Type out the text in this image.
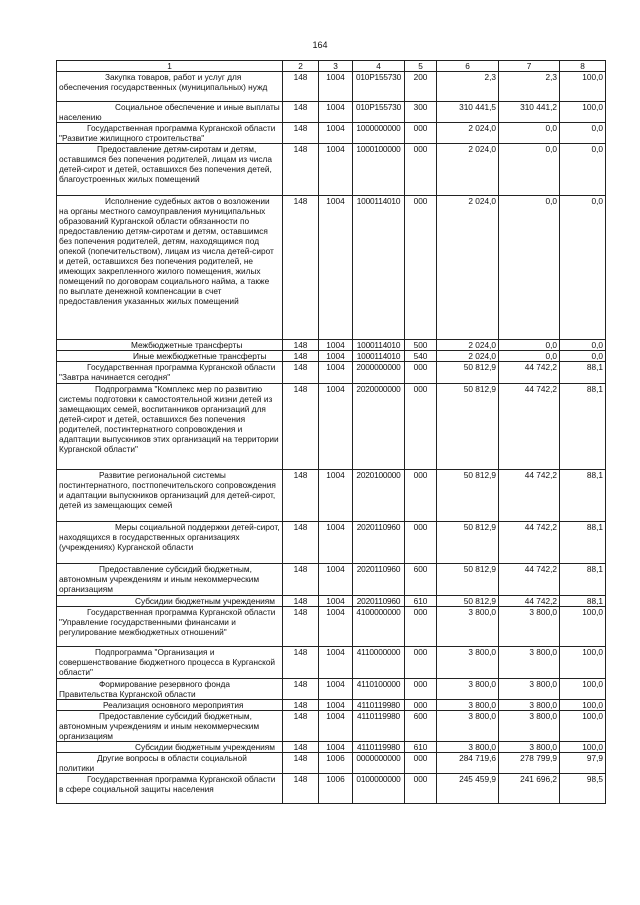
164
1	2	3	4	5	6	7	8

Закупка товаров, работ и услуг для обеспечения государственных (муниципальных) нужд	148	1004	010Р155730	200	2,3	2,3	100,0

Социальное обеспечение и иные выплаты населению	148	1004	010Р155730	300	310 441,5	310 441,2	100,0

Государственная программа Курганской области "Развитие жилищного строительства"	148	1004	1000000000	000	2 024,0	0,0	0,0

Предоставление детям-сиротам и детям, оставшимся без попечения родителей, лицам из числа детей-сирот и детей, оставшихся без попечения детей, благоустроенных жилых помещений	148	1004	1000100000	000	2 024,0	0,0	0,0

Исполнение судебных актов о возложении на органы местного самоуправления муниципальных образований Курганской области обязанности по предоставлению детям-сиротам и детям, оставшимся без попечения родителей, детям, находящимся под опекой (попечительством), лицам из числа детей-сирот и детей, оставшихся без попечения родителей, не имеющих закрепленного жилого помещения, жилых помещений по договорам социального найма, а также по выплате денежной компенсации в счет предоставления указанных жилых помещений	148	1004	1000114010	000	2 024,0	0,0	0,0

Межбюджетные трансферты	148	1004	1000114010	500	2 024,0	0,0	0,0

Иные межбюджетные трансферты	148	1004	1000114010	540	2 024,0	0,0	0,0

Государственная программа Курганской области "Завтра начинается сегодня"	148	1004	2000000000	000	50 812,9	44 742,2	88,1

Подпрограмма "Комплекс мер по развитию системы подготовки к самостоятельной жизни детей из замещающих семей, воспитанников организаций для детей-сирот и детей, оставшихся без попечения родителей, постинтернатного сопровождения и адаптации выпускников этих организаций на территории Курганской области"	148	1004	2020000000	000	50 812,9	44 742,2	88,1

Развитие региональной системы постинтернатного, постпопечительского сопровождения и адаптации выпускников организаций для детей-сирот, детей из замещающих семей	148	1004	2020100000	000	50 812,9	44 742,2	88,1

Меры социальной поддержки детей-сирот, находящихся в государственных организациях (учреждениях) Курганской области	148	1004	2020110960	000	50 812,9	44 742,2	88,1

Предоставление субсидий бюджетным, автономным учреждениям и иным некоммерческим организациям	148	1004	2020110960	600	50 812,9	44 742,2	88,1

Субсидии бюджетным учреждениям	148	1004	2020110960	610	50 812,9	44 742,2	88,1

Государственная программа Курганской области "Управление государственными финансами и регулирование межбюджетных отношений"	148	1004	4100000000	000	3 800,0	3 800,0	100,0

Подпрограмма "Организация и совершенствование бюджетного процесса в Курганской области"	148	1004	4110000000	000	3 800,0	3 800,0	100,0

Формирование резервного фонда Правительства Курганской области	148	1004	4110100000	000	3 800,0	3 800,0	100,0

Реализация основного мероприятия	148	1004	4110119980	000	3 800,0	3 800,0	100,0

Предоставление субсидий бюджетным, автономным учреждениям и иным некоммерческим организациям	148	1004	4110119980	600	3 800,0	3 800,0	100,0

Субсидии бюджетным учреждениям	148	1004	4110119980	610	3 800,0	3 800,0	100,0

Другие вопросы в области социальной политики	148	1006	0000000000	000	284 719,6	278 799,9	97,9

Государственная программа Курганской области в сфере социальной защиты населения	148	1006	0100000000	000	245 459,9	241 696,2	98,5
